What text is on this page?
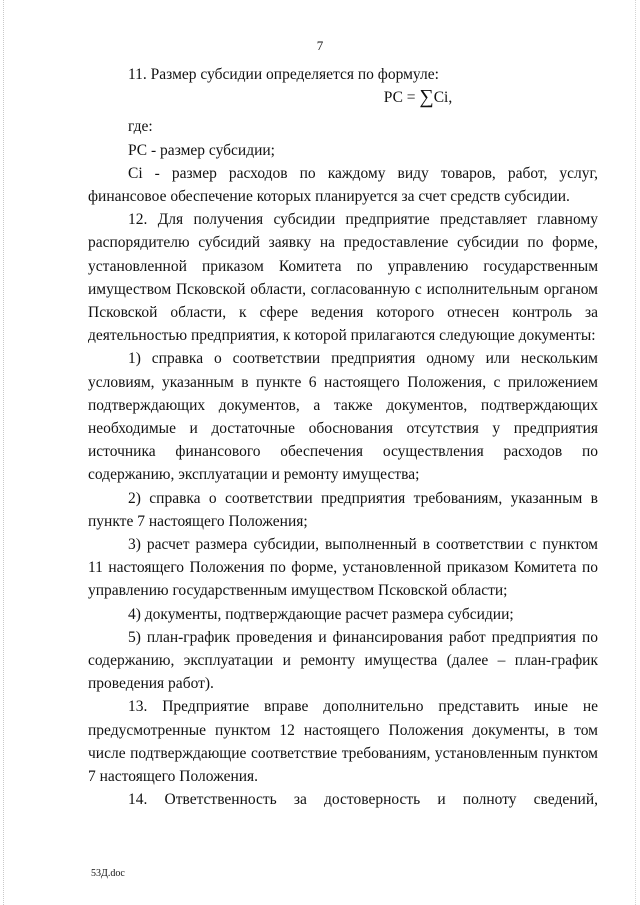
7

11. Размер субсидии определяется по формуле:

РС = ∑Сi,

где:

РС - размер субсидии;

Сi - размер расходов по каждому виду товаров, работ, услуг, финансовое обеспечение которых планируется за счет средств субсидии.

12. Для получения субсидии предприятие представляет главному распорядителю субсидий заявку на предоставление субсидии по форме, установленной приказом Комитета по управлению государственным имуществом Псковской области, согласованную с исполнительным органом Псковской области, к сфере ведения которого отнесен контроль за деятельностью предприятия, к которой прилагаются следующие документы:

1) справка о соответствии предприятия одному или нескольким условиям, указанным в пункте 6 настоящего Положения, с приложением подтверждающих документов, а также документов, подтверждающих необходимые и достаточные обоснования отсутствия у предприятия источника финансового обеспечения осуществления расходов по содержанию, эксплуатации и ремонту имущества;

2) справка о соответствии предприятия требованиям, указанным в пункте 7 настоящего Положения;

3) расчет размера субсидии, выполненный в соответствии с пунктом 11 настоящего Положения по форме, установленной приказом Комитета по управлению государственным имуществом Псковской области;

4) документы, подтверждающие расчет размера субсидии;

5) план-график проведения и финансирования работ предприятия по содержанию, эксплуатации и ремонту имущества (далее – план-график проведения работ).

13. Предприятие вправе дополнительно представить иные не предусмотренные пунктом 12 настоящего Положения документы, в том числе подтверждающие соответствие требованиям, установленным пунктом 7 настоящего Положения.

14. Ответственность за достоверность и полноту сведений,

53Д.doc
